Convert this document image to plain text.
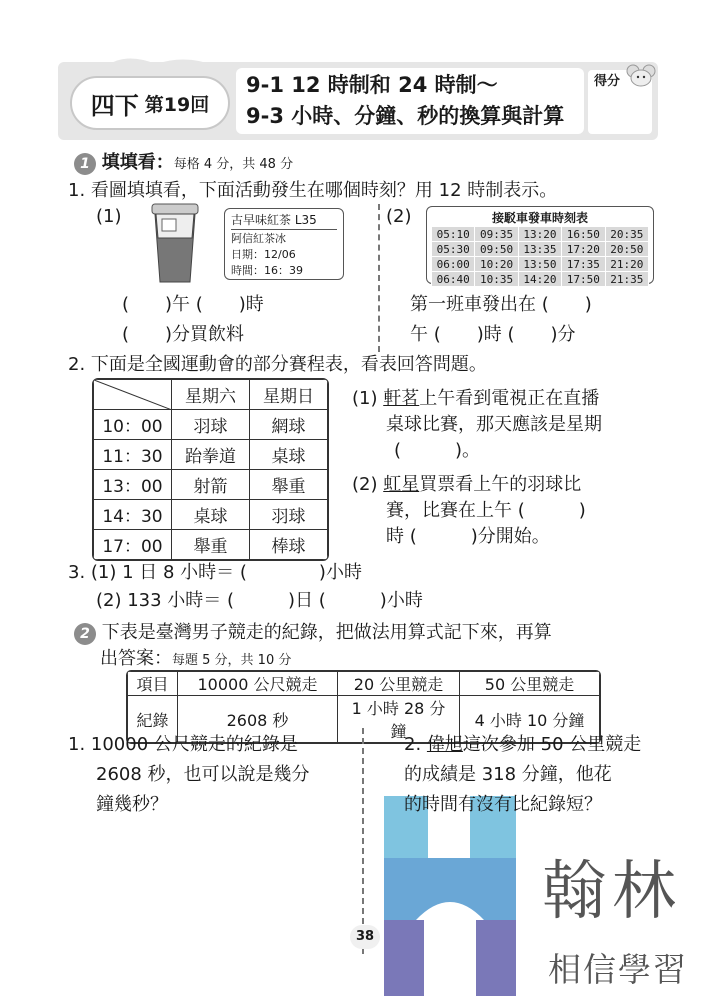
四下 第19回
9-1 12 時制和 24 時制～
9-3 小時、分鐘、秒的換算與計算
得分
1 填填看：每格 4 分，共 48 分
1. 看圖填填看，下面活動發生在哪個時刻？用 12 時制表示。
(1)	古早味紅茶 L35
阿信紅茶冰
日期：12/06
時間：16：39
(　　)午 (　　)時
(　　)分買飲料
(2)	接駁車發車時刻表
05:10	09:35	13:20	16:50	20:35
05:30	09:50	13:35	17:20	20:50
06:00	10:20	13:50	17:35	21:20
06:40	10:35	14:20	17:50	21:35
第一班車發出在 (　　)
午 (　　)時 (　　)分
2. 下面是全國運動會的部分賽程表，看表回答問題。
	星期六	星期日
10：00	羽球	網球
11：30	跆拳道	桌球
13：00	射箭	舉重
14：30	桌球	羽球
17：00	舉重	棒球
(1) 軒茗上午看到電視正在直播
桌球比賽，那天應該是星期
(　　　)。
(2) 虹星買票看上午的羽球比
賽，比賽在上午 (　　　)
時 (　　　)分開始。
3. (1) 1 日 8 小時＝ (　　　　)小時
(2) 133 小時＝ (　　　)日 (　　　)小時
2 下表是臺灣男子競走的紀錄，把做法用算式記下來，再算
出答案：每題 5 分，共 10 分
項目	10000 公尺競走	20 公里競走	50 公里競走
紀錄	2608 秒	1 小時 28 分鐘	4 小時 10 分鐘
1. 10000 公尺競走的紀錄是
2608 秒，也可以說是幾分
鐘幾秒？
翰林
相信學習
2. 偉旭這次參加 50 公里競走
的成績是 318 分鐘，他花
的時間有沒有比紀錄短？
38
